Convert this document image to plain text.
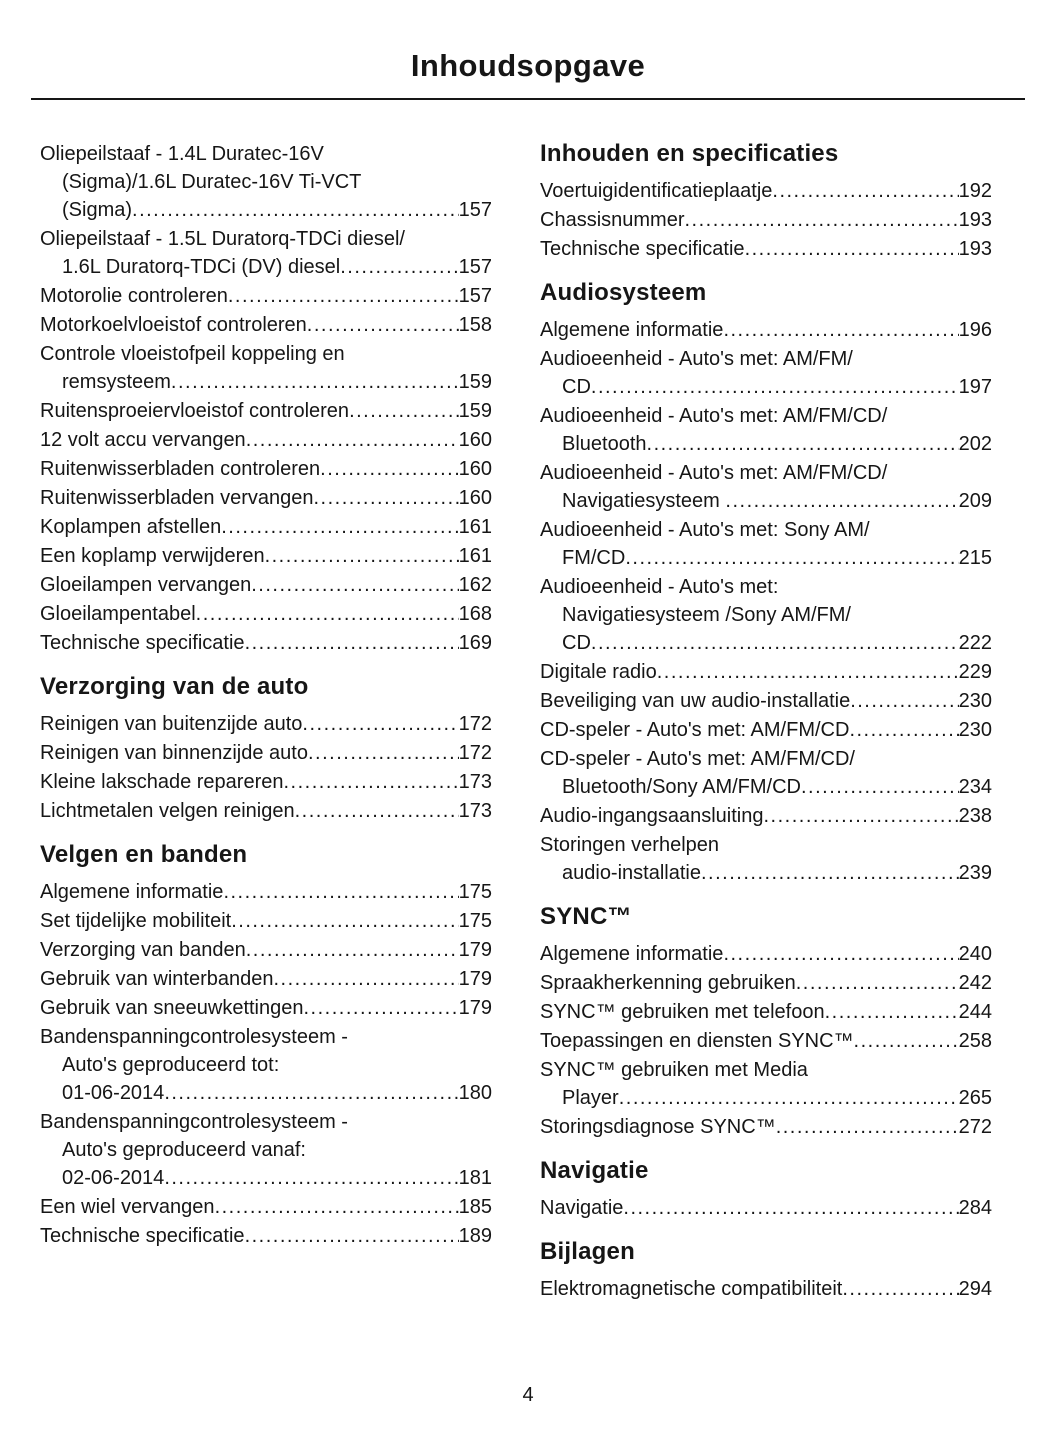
Inhoudsopgave
Oliepeilstaaf - 1.4L Duratec-16V
(Sigma)/1.6L Duratec-16V Ti-VCT
(Sigma) .....	157
Oliepeilstaaf - 1.5L Duratorq-TDCi diesel/
1.6L Duratorq-TDCi (DV) diesel .....	157
Motorolie controleren .....	157
Motorkoelvloeistof controleren .....	158
Controle vloeistofpeil koppeling en
remsysteem .....	159
Ruitensproeiervloeistof controleren .....	159
12 volt accu vervangen .....	160
Ruitenwisserbladen controleren .....	160
Ruitenwisserbladen vervangen .....	160
Koplampen afstellen .....	161
Een koplamp verwijderen .....	161
Gloeilampen vervangen .....	162
Gloeilampentabel .....	168
Technische specificatie .....	169
Verzorging van de auto
Reinigen van buitenzijde auto .....	172
Reinigen van binnenzijde auto .....	172
Kleine lakschade repareren .....	173
Lichtmetalen velgen reinigen .....	173
Velgen en banden
Algemene informatie .....	175
Set tijdelijke mobiliteit .....	175
Verzorging van banden .....	179
Gebruik van winterbanden .....	179
Gebruik van sneeuwkettingen .....	179
Bandenspanningcontrolesysteem -
Auto's geproduceerd tot:
01-06-2014 .....	180
Bandenspanningcontrolesysteem -
Auto's geproduceerd vanaf:
02-06-2014 .....	181
Een wiel vervangen .....	185
Technische specificatie .....	189
Inhouden en specificaties
Voertuigidentificatieplaatje .....	192
Chassisnummer .....	193
Technische specificatie .....	193
Audiosysteem
Algemene informatie .....	196
Audioeenheid - Auto's met: AM/FM/
CD .....	197
Audioeenheid - Auto's met: AM/FM/CD/
Bluetooth .....	202
Audioeenheid - Auto's met: AM/FM/CD/
Navigatiesysteem .....	209
Audioeenheid - Auto's met: Sony AM/
FM/CD .....	215
Audioeenheid - Auto's met:
Navigatiesysteem /Sony AM/FM/
CD .....	222
Digitale radio .....	229
Beveiliging van uw audio-installatie .....	230
CD-speler - Auto's met: AM/FM/CD .....	230
CD-speler - Auto's met: AM/FM/CD/
Bluetooth/Sony AM/FM/CD .....	234
Audio-ingangsaansluiting .....	238
Storingen verhelpen
audio-installatie .....	239
SYNC™
Algemene informatie .....	240
Spraakherkenning gebruiken .....	242
SYNC™ gebruiken met telefoon .....	244
Toepassingen en diensten SYNC™ .....	258
SYNC™ gebruiken met Media
Player .....	265
Storingsdiagnose SYNC™ .....	272
Navigatie
Navigatie .....	284
Bijlagen
Elektromagnetische compatibiliteit .....	294
4
